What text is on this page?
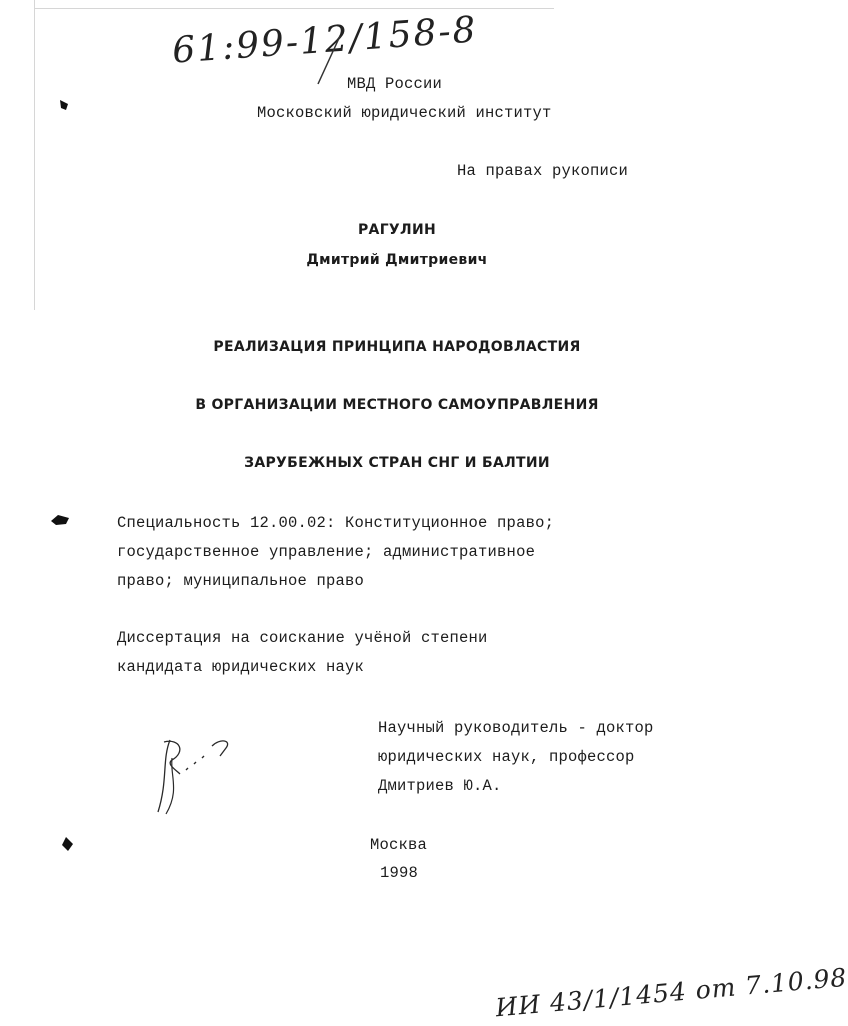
61:99-12/158-8
МВД России
Московский юридический институт
На правах рукописи
РАГУЛИН
Дмитрий Дмитриевич
РЕАЛИЗАЦИЯ ПРИНЦИПА НАРОДОВЛАСТИЯ
В ОРГАНИЗАЦИИ МЕСТНОГО САМОУПРАВЛЕНИЯ
ЗАРУБЕЖНЫХ СТРАН СНГ И БАЛТИИ
Специальность 12.00.02: Конституционное право;
государственное управление; административное
право; муниципальное право
Диссертация на соискание учёной степени
кандидата юридических наук
Научный руководитель - доктор
юридических наук, профессор
Дмитриев Ю.А.
Москва
1998
ИИ 43/1/1454 от 7.10.98
